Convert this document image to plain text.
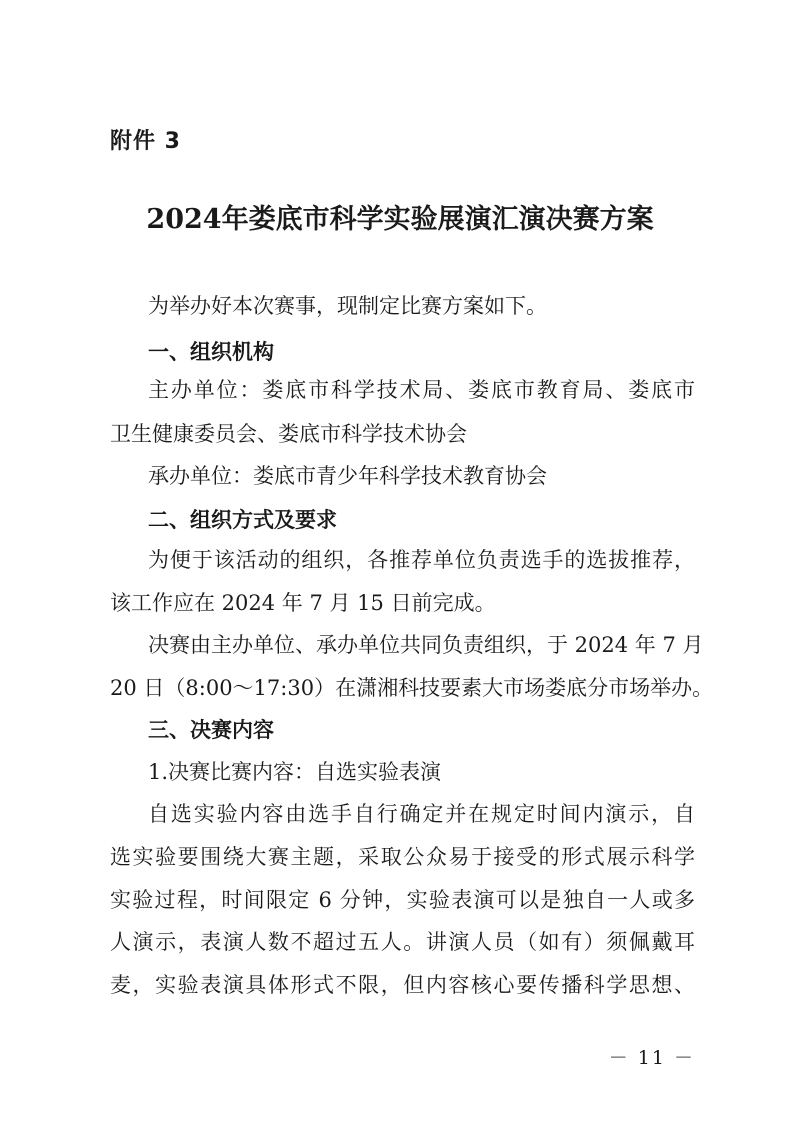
附件 3
2024年娄底市科学实验展演汇演决赛方案
为举办好本次赛事，现制定比赛方案如下。
一、组织机构
主办单位：娄底市科学技术局、娄底市教育局、娄底市
卫生健康委员会、娄底市科学技术协会
承办单位：娄底市青少年科学技术教育协会
二、组织方式及要求
为便于该活动的组织，各推荐单位负责选手的选拔推荐，
该工作应在 2024 年 7 月 15 日前完成。
决赛由主办单位、承办单位共同负责组织，于 2024 年 7 月
20 日（8:00～17:30）在潇湘科技要素大市场娄底分市场举办。
三、决赛内容
1.决赛比赛内容：自选实验表演
自选实验内容由选手自行确定并在规定时间内演示，自
选实验要围绕大赛主题，采取公众易于接受的形式展示科学
实验过程，时间限定 6 分钟，实验表演可以是独自一人或多
人演示，表演人数不超过五人。讲演人员（如有）须佩戴耳
麦，实验表演具体形式不限，但内容核心要传播科学思想、
－ 11 －
